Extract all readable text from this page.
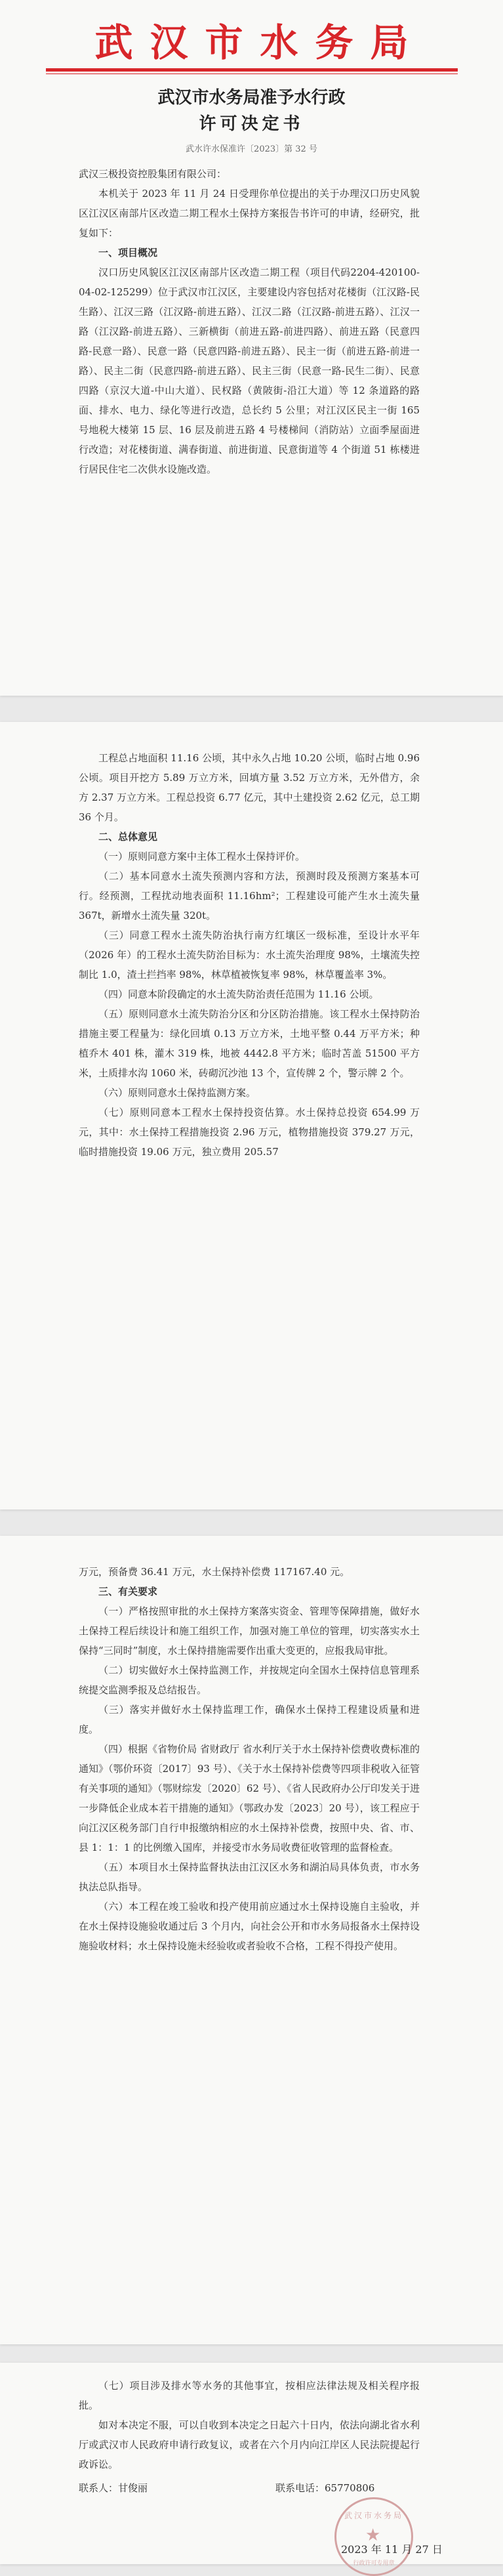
武汉市水务局
武汉市水务局准予水行政
许可决定书
武水许水保准许〔2023〕第 32 号

武汉三极投资控股集团有限公司：

本机关于 2023 年 11 月 24 日受理你单位提出的关于办理汉口历史风貌区江汉区南部片区改造二期工程水土保持方案报告书许可的申请，经研究，批复如下：

一、项目概况

汉口历史风貌区江汉区南部片区改造二期工程（项目代码2204-420100-04-02-125299）位于武汉市江汉区，主要建设内容包括对花楼街（江汉路-民生路）、江汉三路（江汉路-前进五路）、江汉二路（江汉路-前进五路）、江汉一路（江汉路-前进五路）、三新横街（前进五路-前进四路）、前进五路（民意四路-民意一路）、民意一路（民意四路-前进五路）、民主一街（前进五路-前进一路）、民主二街（民意四路-前进五路）、民主三街（民意一路-民生二街）、民意四路（京汉大道-中山大道）、民权路（黄陂街-沿江大道）等 12 条道路的路面、排水、电力、绿化等进行改造，总长约 5 公里；对江汉区民主一街 165 号地税大楼第 15 层、16 层及前进五路 4 号楼梯间（消防站）立面季屋面进行改造；对花楼街道、满春街道、前进街道、民意街道等 4 个街道 51 栋楼进行居民住宅二次供水设施改造。

工程总占地面积 11.16 公顷，其中永久占地 10.20 公顷，临时占地 0.96 公顷。项目开挖方 5.89 万立方米，回填方量 3.52 万立方米，无外借方，余方 2.37 万立方米。工程总投资 6.77 亿元，其中土建投资 2.62 亿元，总工期 36 个月。

二、总体意见

（一）原则同意方案中主体工程水土保持评价。

（二）基本同意水土流失预测内容和方法，预测时段及预测方案基本可行。经预测，工程扰动地表面积 11.16hm²；工程建设可能产生水土流失量 367t，新增水土流失量 320t。

（三）同意工程水土流失防治执行南方红壤区一级标准，至设计水平年（2026 年）的工程水土流失防治目标为：水土流失治理度 98%，土壤流失控制比 1.0，渣土拦挡率 98%，林草植被恢复率 98%，林草覆盖率 3%。

（四）同意本阶段确定的水土流失防治责任范围为 11.16 公顷。

（五）原则同意水土流失防治分区和分区防治措施。该工程水土保持防治措施主要工程量为：绿化回填 0.13 万立方米，土地平整 0.44 万平方米；种植乔木 401 株，灌木 319 株，地被 4442.8 平方米；临时苫盖 51500 平方米，土质排水沟 1060 米，砖砌沉沙池 13 个，宣传牌 2 个，警示牌 2 个。

（六）原则同意水土保持监测方案。

（七）原则同意本工程水土保持投资估算。水土保持总投资 654.99 万元，其中：水土保持工程措施投资 2.96 万元，植物措施投资 379.27 万元，临时措施投资 19.06 万元，独立费用 205.57

万元，预备费 36.41 万元，水土保持补偿费 117167.40 元。

三、有关要求

（一）严格按照审批的水土保持方案落实资金、管理等保障措施，做好水土保持工程后续设计和施工组织工作，加强对施工单位的管理，切实落实水土保持“三同时”制度，水土保持措施需要作出重大变更的，应报我局审批。

（二）切实做好水土保持监测工作，并按规定向全国水土保持信息管理系统提交监测季报及总结报告。

（三）落实并做好水土保持监理工作，确保水土保持工程建设质量和进度。

（四）根据《省物价局 省财政厅 省水利厅关于水土保持补偿费收费标准的通知》（鄂价环资〔2017〕93 号）、《关于水土保持补偿费等四项非税收入征管有关事项的通知》（鄂财综发〔2020〕62 号）、《省人民政府办公厅印发关于进一步降低企业成本若干措施的通知》（鄂政办发〔2023〕20 号），该工程应于向江汉区税务部门自行申报缴纳相应的水土保持补偿费，按照中央、省、市、县 1：1：1 的比例缴入国库，并接受市水务局收费征收管理的监督检查。

（五）本项目水土保持监督执法由江汉区水务和湖泊局具体负责，市水务执法总队指导。

（六）本工程在竣工验收和投产使用前应通过水土保持设施自主验收，并在水土保持设施验收通过后 3 个月内，向社会公开和市水务局报备水土保持设施验收材料；水土保持设施未经验收或者验收不合格，工程不得投产使用。

（七）项目涉及排水等水务的其他事宜，按相应法律法规及相关程序报批。

如对本决定不服，可以自收到本决定之日起六十日内，依法向湖北省水利厅或武汉市人民政府申请行政复议，或者在六个月内向江岸区人民法院提起行政诉讼。

联系人：甘俊丽	联系电话：65770806
武汉市水务局
★
行政许可专用章
2023 年 11 月 27 日
